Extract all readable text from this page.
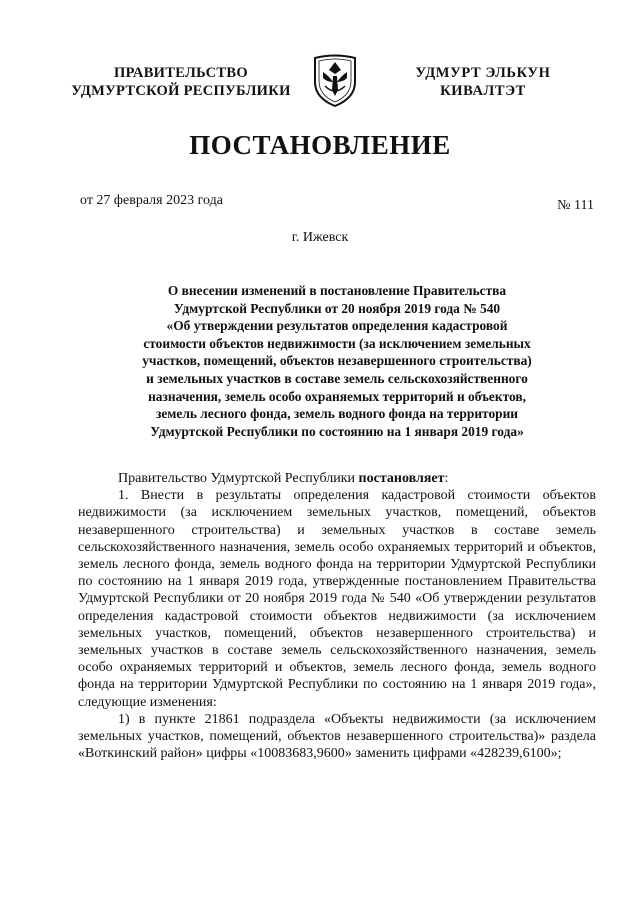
ПРАВИТЕЛЬСТВО
УДМУРТСКОЙ РЕСПУБЛИКИ
УДМУРТ ЭЛЬКУН
КИВАЛТЭТ
ПОСТАНОВЛЕНИЕ
от 27 февраля 2023 года	№ 111
г. Ижевск
О внесении изменений в постановление Правительства
Удмуртской Республики от 20 ноября 2019 года № 540
«Об утверждении результатов определения кадастровой
стоимости объектов недвижимости (за исключением земельных
участков, помещений, объектов незавершенного строительства)
и земельных участков в составе земель сельскохозяйственного
назначения, земель особо охраняемых территорий и объектов,
земель лесного фонда, земель водного фонда на территории
Удмуртской Республики по состоянию на 1 января 2019 года»

Правительство Удмуртской Республики постановляет:

1. Внести в результаты определения кадастровой стоимости объектов недвижимости (за исключением земельных участков, помещений, объектов незавершенного строительства) и земельных участков в составе земель сельскохозяйственного назначения, земель особо охраняемых территорий и объектов, земель лесного фонда, земель водного фонда на территории Удмуртской Республики по состоянию на 1 января 2019 года, утвержденные постановлением Правительства Удмуртской Республики от 20 ноября 2019 года № 540 «Об утверждении результатов определения кадастровой стоимости объектов недвижимости (за исключением земельных участков, помещений, объектов незавершенного строительства) и земельных участков в составе земель сельскохозяйственного назначения, земель особо охраняемых территорий и объектов, земель лесного фонда, земель водного фонда на территории Удмуртской Республики по состоянию на 1 января 2019 года», следующие изменения:

1) в пункте 21861 подраздела «Объекты недвижимости (за исключением земельных участков, помещений, объектов незавершенного строительства)» раздела «Воткинский район» цифры «10083683,9600» заменить цифрами «428239,6100»;
